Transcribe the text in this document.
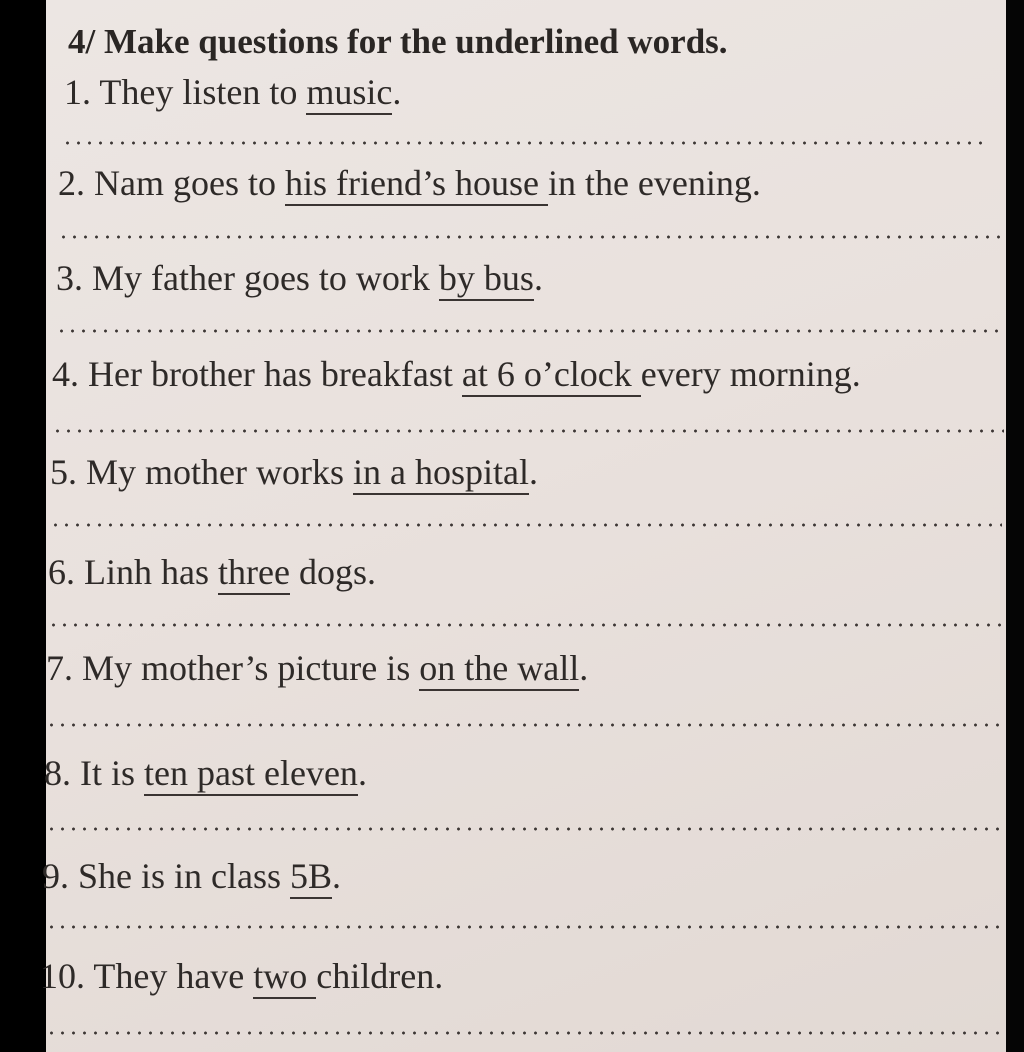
4/ Make questions for the underlined words.
1. They listen to music.
2. Nam goes to his friend’s house in the evening.
3. My father goes to work by bus.
4. Her brother has breakfast at 6 o’clock every morning.
5. My mother works in a hospital.
6. Linh has three dogs.
7. My mother’s picture is on the wall.
8. It is ten past eleven.
9. She is in class 5B.
10. They have two children.
